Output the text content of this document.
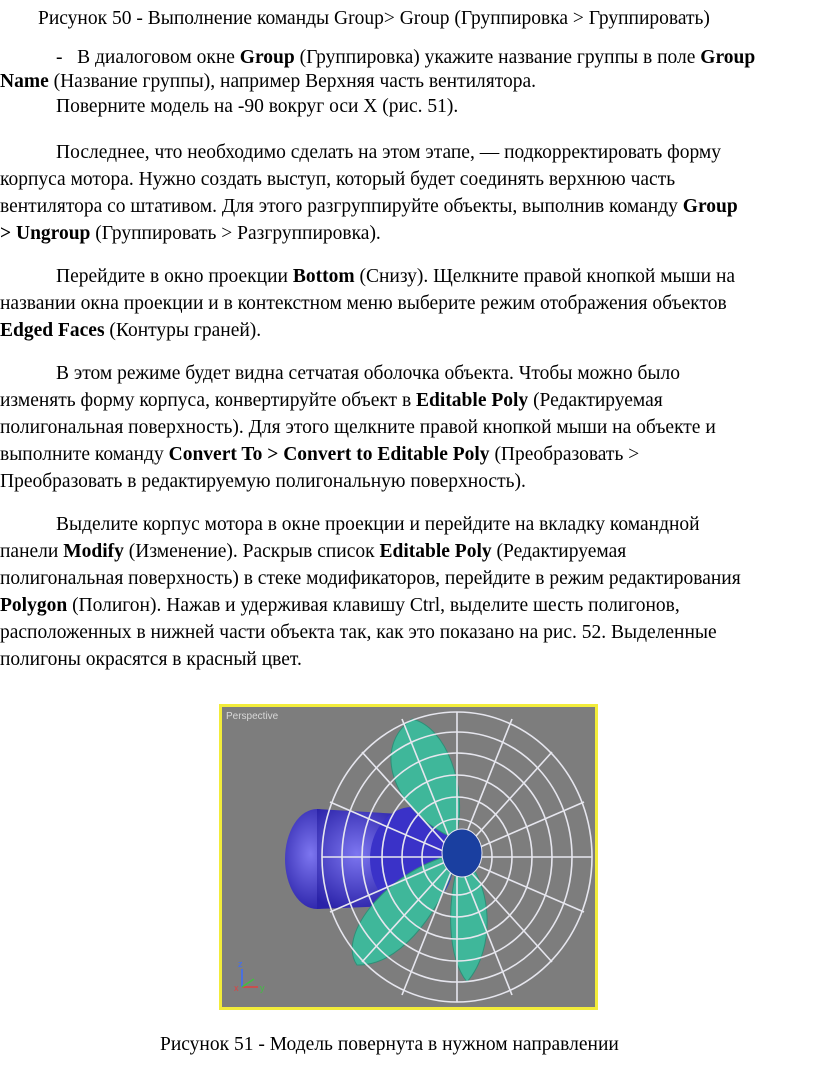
Рисунок 50 - Выполнение команды Group> Group (Группировка > Группировать)
- В диалоговом окне Group (Группировка) укажите название группы в поле Group
Name (Название группы), например Верхняя часть вентилятора.
Поверните модель на -90 вокруг оси X (рис. 51).
Последнее, что необходимо сделать на этом этапе, — подкорректировать форму
корпуса мотора. Нужно создать выступ, который будет соединять верхнюю часть
вентилятора со штативом. Для этого разгруппируйте объекты, выполнив команду Group
> Ungroup (Группировать > Разгруппировка).
Перейдите в окно проекции Bottom (Снизу). Щелкните правой кнопкой мыши на
названии окна проекции и в контекстном меню выберите режим отображения объектов
Edged Faces (Контуры граней).
В этом режиме будет видна сетчатая оболочка объекта. Чтобы можно было
изменять форму корпуса, конвертируйте объект в Editable Poly (Редактируемая
полигональная поверхность). Для этого щелкните правой кнопкой мыши на объекте и
выполните команду Convert To > Convert to Editable Poly (Преобразовать >
Преобразовать в редактируемую полигональную поверхность).
Выделите корпус мотора в окне проекции и перейдите на вкладку командной
панели Modify (Изменение). Раскрыв список Editable Poly (Редактируемая
полигональная поверхность) в стеке модификаторов, перейдите в режим редактирования
Polygon (Полигон). Нажав и удерживая клавишу Ctrl, выделите шесть полигонов,
расположенных в нижней части объекта так, как это показано на рис. 52. Выделенные
полигоны окрасятся в красный цвет.
Perspective
z
x y
Рисунок 51 - Модель повернута в нужном направлении
